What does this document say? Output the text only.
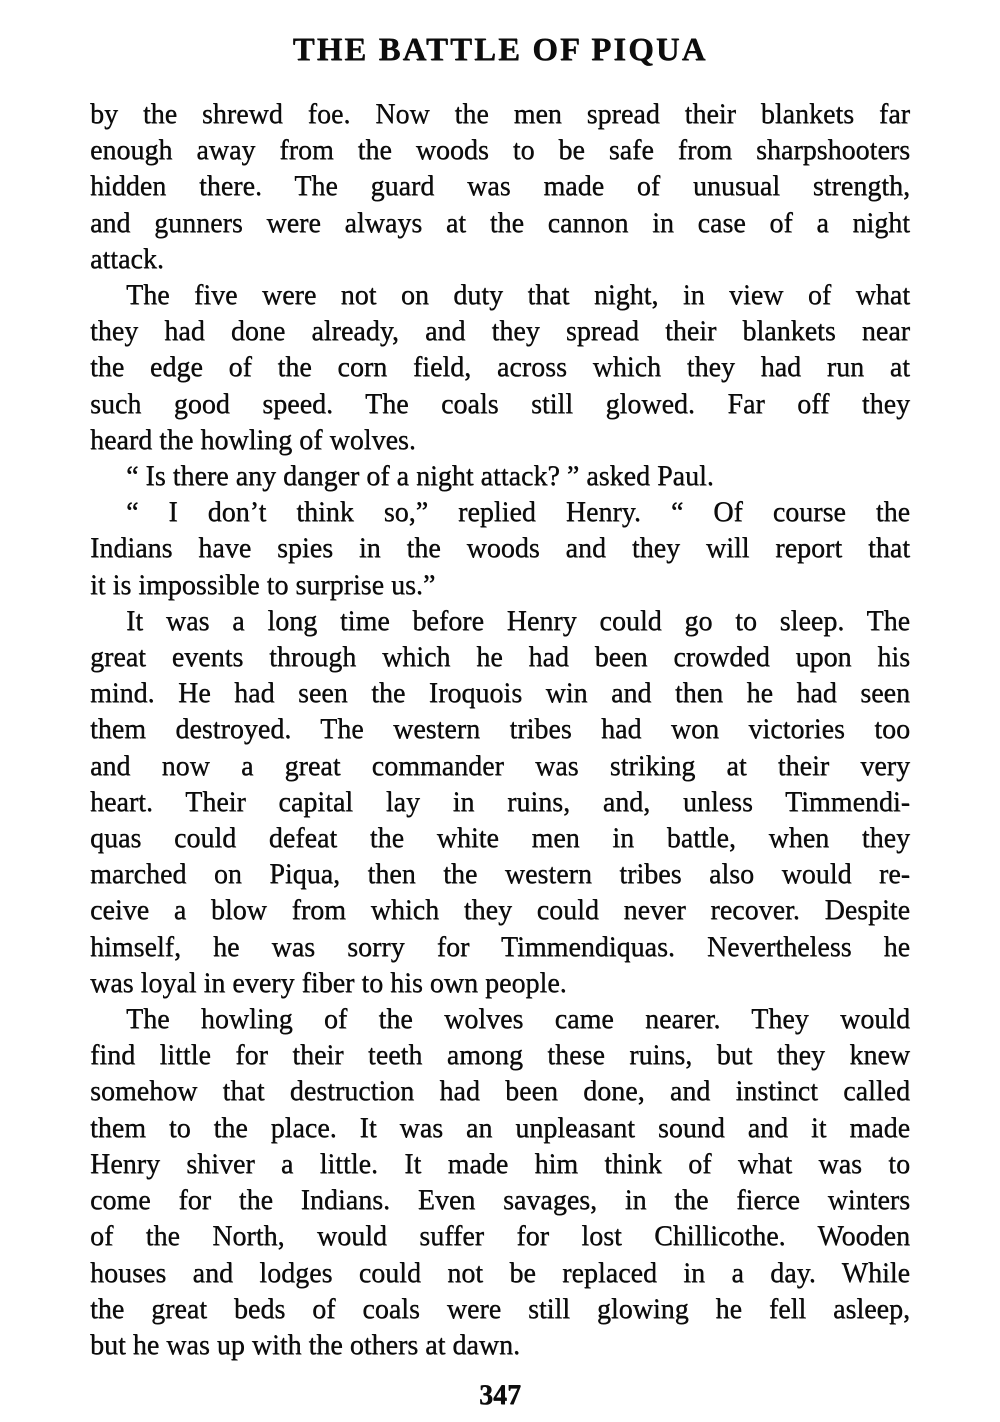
THE BATTLE OF PIQUA
by the shrewd foe. Now the men spread their blankets far
enough away from the woods to be safe from sharpshooters
hidden there. The guard was made of unusual strength,
and gunners were always at the cannon in case of a night
attack.
The five were not on duty that night, in view of what
they had done already, and they spread their blankets near
the edge of the corn field, across which they had run at
such good speed. The coals still glowed. Far off they
heard the howling of wolves.
“ Is there any danger of a night attack? ” asked Paul.
“ I don’t think so,” replied Henry. “ Of course the
Indians have spies in the woods and they will report that
it is impossible to surprise us.”
It was a long time before Henry could go to sleep. The
great events through which he had been crowded upon his
mind. He had seen the Iroquois win and then he had seen
them destroyed. The western tribes had won victories too
and now a great commander was striking at their very
heart. Their capital lay in ruins, and, unless Timmendi-
quas could defeat the white men in battle, when they
marched on Piqua, then the western tribes also would re-
ceive a blow from which they could never recover. Despite
himself, he was sorry for Timmendiquas. Nevertheless he
was loyal in every fiber to his own people.
The howling of the wolves came nearer. They would
find little for their teeth among these ruins, but they knew
somehow that destruction had been done, and instinct called
them to the place. It was an unpleasant sound and it made
Henry shiver a little. It made him think of what was to
come for the Indians. Even savages, in the fierce winters
of the North, would suffer for lost Chillicothe. Wooden
houses and lodges could not be replaced in a day. While
the great beds of coals were still glowing he fell asleep,
but he was up with the others at dawn.
347
